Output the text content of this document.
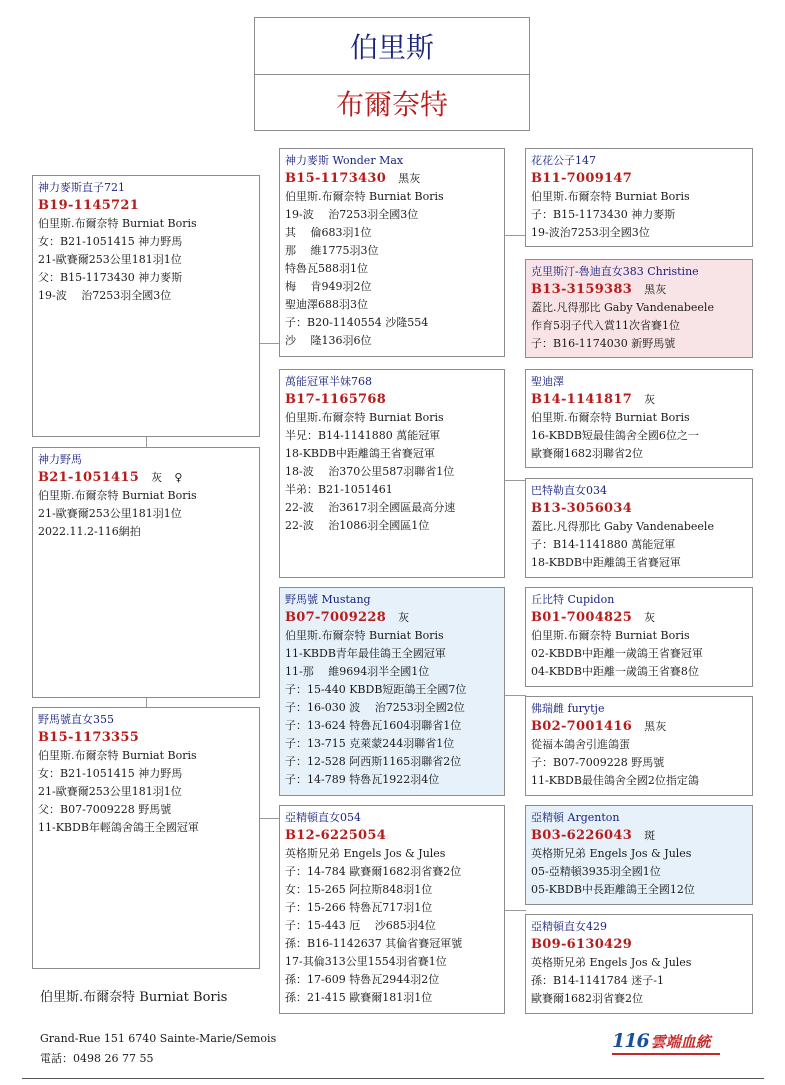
伯里斯
布爾奈特
神力麥斯直子721
B19-1145721
伯里斯.布爾奈特 Burniat Boris
女：B21-1051415 神力野馬
21-歐賽爾253公里181羽1位
父：B15-1173430 神力麥斯
19-波　 治7253羽全國3位
神力野馬
B21-1051415 灰 ♀
伯里斯.布爾奈特 Burniat Boris
21-歐賽爾253公里181羽1位
2022.11.2-116網拍
野馬號直女355
B15-1173355
伯里斯.布爾奈特 Burniat Boris
女：B21-1051415 神力野馬
21-歐賽爾253公里181羽1位
父：B07-7009228 野馬號
11-KBDB年輕鴿舍鴿王全國冠軍
神力麥斯 Wonder Max
B15-1173430 黑灰
伯里斯.布爾奈特 Burniat Boris
19-波　 治7253羽全國3位
其　 倫683羽1位
那　 維1775羽3位
特魯瓦588羽1位
梅　 肯949羽2位
聖迪澤688羽3位
子：B20-1140554 沙隆554
沙　 隆136羽6位
萬能冠軍半妹768
B17-1165768
伯里斯.布爾奈特 Burniat Boris
半兄：B14-1141880 萬能冠軍
18-KBDB中距離鴿王省賽冠軍
18-波　 治370公里587羽聯省1位
半弟：B21-1051461
22-波　 治3617羽全國區最高分速
22-波　 治1086羽全國區1位
野馬號 Mustang
B07-7009228 灰
伯里斯.布爾奈特 Burniat Boris
11-KBDB青年最佳鴿王全國冠軍
11-那　 維9694羽半全國1位
子：15-440 KBDB短距鴿王全國7位
子：16-030 波　 治7253羽全國2位
子：13-624 特魯瓦1604羽聯省1位
子：13-715 克萊蒙244羽聯省1位
子：12-528 阿西斯1165羽聯省2位
子：14-789 特魯瓦1922羽4位
亞精頓直女054
B12-6225054
英格斯兄弟 Engels Jos & Jules
子：14-784 歐賽爾1682羽省賽2位
女：15-265 阿拉斯848羽1位
子：15-266 特魯瓦717羽1位
子：15-443 厄　 沙685羽4位
孫：B16-1142637 其倫省賽冠軍號
17-其倫313公里1554羽省賽1位
孫：17-609 特魯瓦2944羽2位
孫：21-415 歐賽爾181羽1位
花花公子147
B11-7009147
伯里斯.布爾奈特 Burniat Boris
子：B15-1173430 神力麥斯
19-波治7253羽全國3位
克里斯汀-魯迪直女383 Christine
B13-3159383 黑灰
蓋比.凡得那比 Gaby Vandenabeele
作育5羽子代入賞11次省賽1位
子：B16-1174030 新野馬號
聖迪澤
B14-1141817 灰
伯里斯.布爾奈特 Burniat Boris
16-KBDB短最佳鴿舍全國6位之一
歐賽爾1682羽聯省2位
巴特勒直女034
B13-3056034
蓋比.凡得那比 Gaby Vandenabeele
子：B14-1141880 萬能冠軍
18-KBDB中距離鴿王省賽冠軍
丘比特 Cupidon
B01-7004825 灰
伯里斯.布爾奈特 Burniat Boris
02-KBDB中距離一歲鴿王省賽冠軍
04-KBDB中距離一歲鴿王省賽8位
佛瑞雌 furytje
B02-7001416 黑灰
從福本鴿舍引進鴿蛋
子：B07-7009228 野馬號
11-KBDB最佳鴿舍全國2位指定鴿
亞精頓 Argenton
B03-6226043 斑
英格斯兄弟 Engels Jos & Jules
05-亞精頓3935羽全國1位
05-KBDB中長距離鴿王全國12位
亞精頓直女429
B09-6130429
英格斯兄弟 Engels Jos & Jules
孫：B14-1141784 迷子-1
歐賽爾1682羽省賽2位
伯里斯.布爾奈特 Burniat Boris
Grand-Rue 151 6740 Sainte-Marie/Semois
電話：0498 26 77 55
116 雲端血統
